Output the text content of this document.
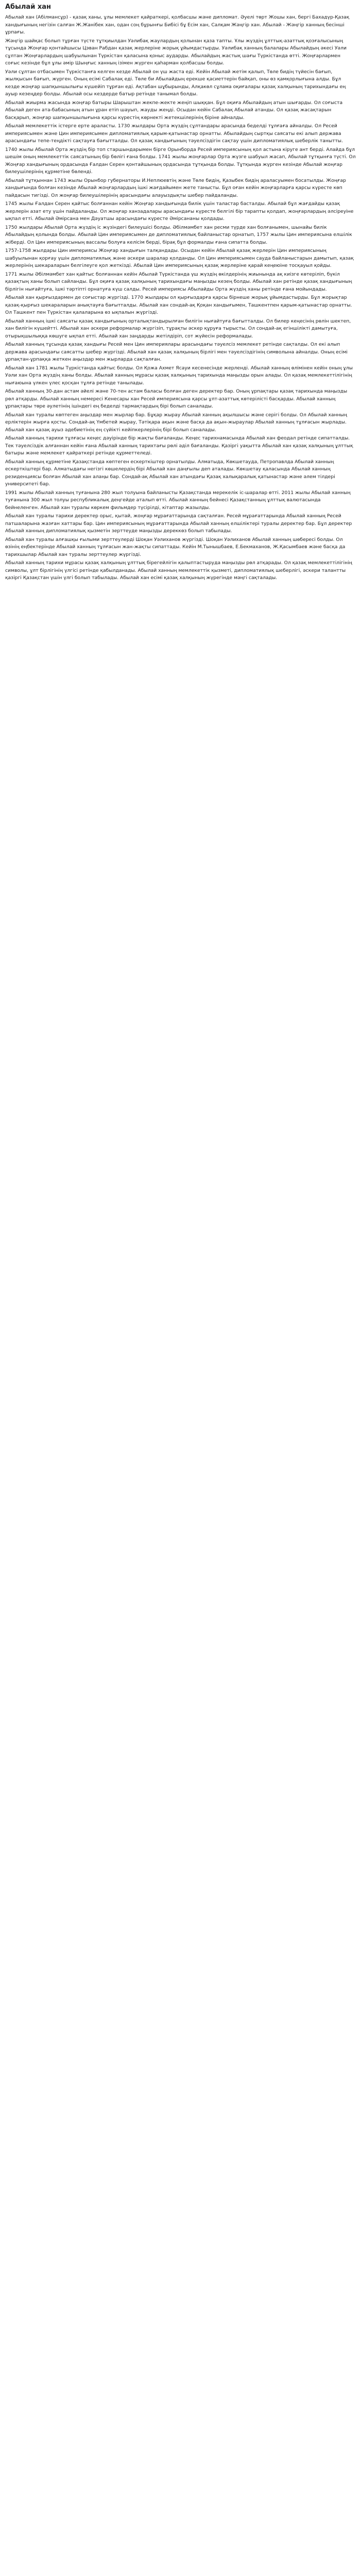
Абылай хан

Абылай хан (Абілмансұр) - қазақ ханы, ұлы мемлекет қайраткері, қолбасшы және дипломат. Әуелі төрт Жошы хан, бергі Бахадүр-Қазақ хандығының негізін салған Ж.Жанібек хан, одан соң бұрынғы Бибісі бұ Есім хан, Салқам Жәңгір хан. Абылай - Жәңгір ханның бесінші ұрпағы.

Жәңгір шайқас болып тұрған түсте тұтқиылдан Уәлибақ жаулардың қолынан қаза тапты. Ұлы жүздің ұлттық-азаттық қозғалысының тұсында Жоңғар қонтайшысы Цэван Рабдан қазақ жерлеріне жорық ұйымдастырды. Уәлибақ ханның балалары Абылайдың әкесі Уәли сұлтан Жоңғарлардың шабуылынан Түркістан қаласына қоныс аударды. Абылайдың жастық шағы Түркістанда өтті. Жоңғарлармен соғыс кезінде бұл ұлы әмір Шыңғыс ханның ізімен жүрген қаһарман қолбасшы болды.

Уәли сұлтан отбасымен Түркістанға келген кезде Абылай он үш жаста еді. Кейін Абылай жетім қалып, Төле бидің түйесін бағып, жылқысын бағып, жүрген. Оның есімі Сабалақ еді. Төле би Абылайдың ерекше қасиеттерін байқап, оны өз қамқорлығына алды. Бұл кезде жоңғар шапқыншылығы күшейіп тұрған еді. Ақтабан шұбырынды, Алқакөл сұлама оқиғалары қазақ халқының тарихындағы ең ауыр кезеңдер болды. Абылай осы кездерде батыр ретінде танымал болды.

Абылай жиырма жасында жоңғар батыры Шарыштан жекпе-жекте жеңіп шыққан. Бұл оқиға Абылайдың атын шығарды. Ол соғыста Абылай деген ата-бабасының атын ұран етіп шауып, жауды жеңді. Осыдан кейін Сабалақ Абылай атанды. Ол қазақ жасақтарын басқарып, жоңғар шапқыншылығына қарсы күрестің көрнекті жетекшілерінің біріне айналды.

Абылай мемлекеттік істерге ерте араласты. 1730 жылдары Орта жүздің сұлтандары арасында беделді тұлғаға айналды. Ол Ресей империясымен және Цин империясымен дипломатиялық қарым-қатынастар орнатты. Абылайдың сыртқы саясаты екі алып держава арасындағы тепе-теңдікті сақтауға бағытталды. Ол қазақ хандығының тәуелсіздігін сақтау үшін дипломатиялық шеберлік танытты.

1740 жылы Абылай Орта жүздің бір топ старшындарымен бірге Орынборда Ресей империясының қол астына кіруге ант берді. Алайда бұл шешім оның мемлекеттік саясатының бір бөлігі ғана болды. 1741 жылы жоңғарлар Орта жүзге шабуыл жасап, Абылай тұтқынға түсті. Ол Жоңғар хандығының ордасында Ғалдан Серен қонтайшының ордасында тұтқында болды. Тұтқында жүрген кезінде Абылай жоңғар билеушілерінің құрметіне бөленді.

Абылай тұтқыннан 1743 жылы Орынбор губернаторы И.Неплюевтің және Төле бидің, Қазыбек бидің араласуымен босатылды. Жоңғар хандығында болған кезінде Абылай жоңғарлардың ішкі жағдайымен жете танысты. Бұл оған кейін жоңғарларға қарсы күресте көп пайдасын тигізді. Ол жоңғар билеушілерінің арасындағы алауыздықты шебер пайдаланды.

1745 жылы Ғалдан Серен қайтыс болғаннан кейін Жоңғар хандығында билік үшін таластар басталды. Абылай бұл жағдайды қазақ жерлерін азат ету үшін пайдаланды. Ол жоңғар ханзадалары арасындағы күресте белгілі бір тарапты қолдап, жоңғарлардың әлсіреуіне ықпал етті. Абылай Әмірсана мен Дәуатшы арасындағы күресте Әмірсананы қолдады.

1750 жылдары Абылай Орта жүздің іс жүзіндегі билеушісі болды. Әбілмәмбет хан ресми түрде хан болғанымен, шынайы билік Абылайдың қолында болды. Абылай Цин империясымен де дипломатиялық байланыстар орнатып, 1757 жылы Цин империясына елшілік жіберді. Ол Цин империясының вассалы болуға келісім берді, бірақ бұл формалды ғана сипатта болды.

1757-1758 жылдары Цин империясы Жоңғар хандығын талқандады. Осыдан кейін Абылай қазақ жерлерін Цин империясының шабуылынан қорғау үшін дипломатиялық және әскери шаралар қолданды. Ол Цин империясымен сауда байланыстарын дамытып, қазақ жерлерінің шекараларын белгілеуге қол жеткізді. Абылай Цин империясының қазақ жерлеріне қарай кеңеюіне тосқауыл қойды.

1771 жылы Әбілмәмбет хан қайтыс болғаннан кейін Абылай Түркістанда үш жүздің өкілдерінің жиынында ақ киізге көтеріліп, бүкіл қазақтың ханы болып сайланды. Бұл оқиға қазақ халқының тарихындағы маңызды кезең болды. Абылай хан ретінде қазақ хандығының бірлігін нығайтуға, ішкі тәртіпті орнатуға күш салды. Ресей империясы Абылайды Орта жүздің ханы ретінде ғана мойындады.

Абылай хан қырғыздармен де соғыстар жүргізді. 1770 жылдары ол қырғыздарға қарсы бірнеше жорық ұйымдастырды. Бұл жорықтар қазақ-қырғыз шекараларын анықтауға бағытталды. Абылай хан сондай-ақ Қоқан хандығымен, Ташкентпен қарым-қатынастар орнатты. Ол Ташкент пен Түркістан қалаларына өз ықпалын жүргізді.

Абылай ханның ішкі саясаты қазақ хандығының орталықтандырылған билігін нығайтуға бағытталды. Ол билер кеңесінің рөлін шектеп, хан билігін күшейтті. Абылай хан әскери реформалар жүргізіп, тұрақты әскер құруға тырысты. Ол сондай-ақ егіншілікті дамытуға, отырықшылыққа көшуге ықпал етті. Абылай хан заңдарды жетілдіріп, сот жүйесін реформалады.

Абылай ханның тұсында қазақ хандығы Ресей мен Цин империялары арасындағы тәуелсіз мемлекет ретінде сақталды. Ол екі алып держава арасындағы саясатты шебер жүргізді. Абылай хан қазақ халқының бірлігі мен тәуелсіздігінің символына айналды. Оның есімі ұрпақтан-ұрпаққа жеткен аңыздар мен жырларда сақталған.

Абылай хан 1781 жылы Түркістанда қайтыс болды. Ол Қожа Ахмет Ясауи кесенесінде жерленді. Абылай ханның өлімінен кейін оның ұлы Уәли хан Орта жүздің ханы болды. Абылай ханның мұрасы қазақ халқының тарихында маңызды орын алады. Ол қазақ мемлекеттілігінің нығаюына үлкен үлес қосқан тұлға ретінде танылады.

Абылай ханның 30-дан астам әйелі және 70-тен астам баласы болған деген деректер бар. Оның ұрпақтары қазақ тарихында маңызды рөл атқарды. Абылай ханның немересі Кенесары хан Ресей империясына қарсы ұлт-азаттық көтерілісті басқарды. Абылай ханның ұрпақтары төре әулетінің ішіндегі ең беделді тармақтардың бірі болып саналады.

Абылай хан туралы көптеген аңыздар мен жырлар бар. Бұқар жырау Абылай ханның ақылшысы және серігі болды. Ол Абылай ханның ерліктерін жырға қосты. Сондай-ақ Үмбетей жырау, Тәтіқара ақын және басқа да ақын-жыраулар Абылай ханның тұлғасын жырлады. Абылай хан қазақ ауыз әдебиетінің ең сүйікті кейіпкерлерінің бірі болып саналады.

Абылай ханның тарихи тұлғасы кеңес дәуірінде бір жақты бағаланды. Кеңес тарихнамасында Абылай хан феодал ретінде сипатталды. Тек тәуелсіздік алғаннан кейін ғана Абылай ханның тарихтағы рөлі әділ бағаланды. Қазіргі уақытта Абылай хан қазақ халқының ұлттық батыры және мемлекет қайраткері ретінде құрметтеледі.

Абылай ханның құрметіне Қазақстанда көптеген ескерткіштер орнатылды. Алматыда, Көкшетауда, Петропавлда Абылай ханның ескерткіштері бар. Алматыдағы негізгі көшелердің бірі Абылай хан даңғылы деп аталады. Көкшетау қаласында Абылай ханның резиденциясы болған Абылай хан алаңы бар. Сондай-ақ Абылай хан атындағы Қазақ халықаралық қатынастар және әлем тілдері университеті бар.

1991 жылы Абылай ханның туғанына 280 жыл толуына байланысты Қазақстанда мерекелік іс-шаралар өтті. 2011 жылы Абылай ханның туғанына 300 жыл толуы республикалық деңгейде аталып өтті. Абылай ханның бейнесі Қазақстанның ұлттық валютасында бейнеленген. Абылай хан туралы көркем фильмдер түсірілді, кітаптар жазылды.

Абылай хан туралы тарихи деректер орыс, қытай, жоңғар мұрағаттарында сақталған. Ресей мұрағаттарында Абылай ханның Ресей патшаларына жазған хаттары бар. Цин империясының мұрағаттарында Абылай ханның елшіліктері туралы деректер бар. Бұл деректер Абылай ханның дипломатиялық қызметін зерттеуде маңызды дереккөз болып табылады.

Абылай хан туралы алғашқы ғылыми зерттеулерді Шоқан Уәлиханов жүргізді. Шоқан Уәлиханов Абылай ханның шөбересі болды. Ол өзінің еңбектерінде Абылай ханның тұлғасын жан-жақты сипаттады. Кейін М.Тынышбаев, Е.Бекмаханов, Ж.Қасымбаев және басқа да тарихшылар Абылай хан туралы зерттеулер жүргізді.

Абылай ханның тарихи мұрасы қазақ халқының ұлттық бірегейлігін қалыптастыруда маңызды рөл атқарады. Ол қазақ мемлекеттілігінің символы, ұлт бірлігінің үлгісі ретінде қабылданады. Абылай ханның мемлекеттік қызметі, дипломатиялық шеберлігі, әскери талантты қазіргі Қазақстан үшін үлгі болып табылады. Абылай хан есімі қазақ халқының жүрегінде мәңгі сақталады.
